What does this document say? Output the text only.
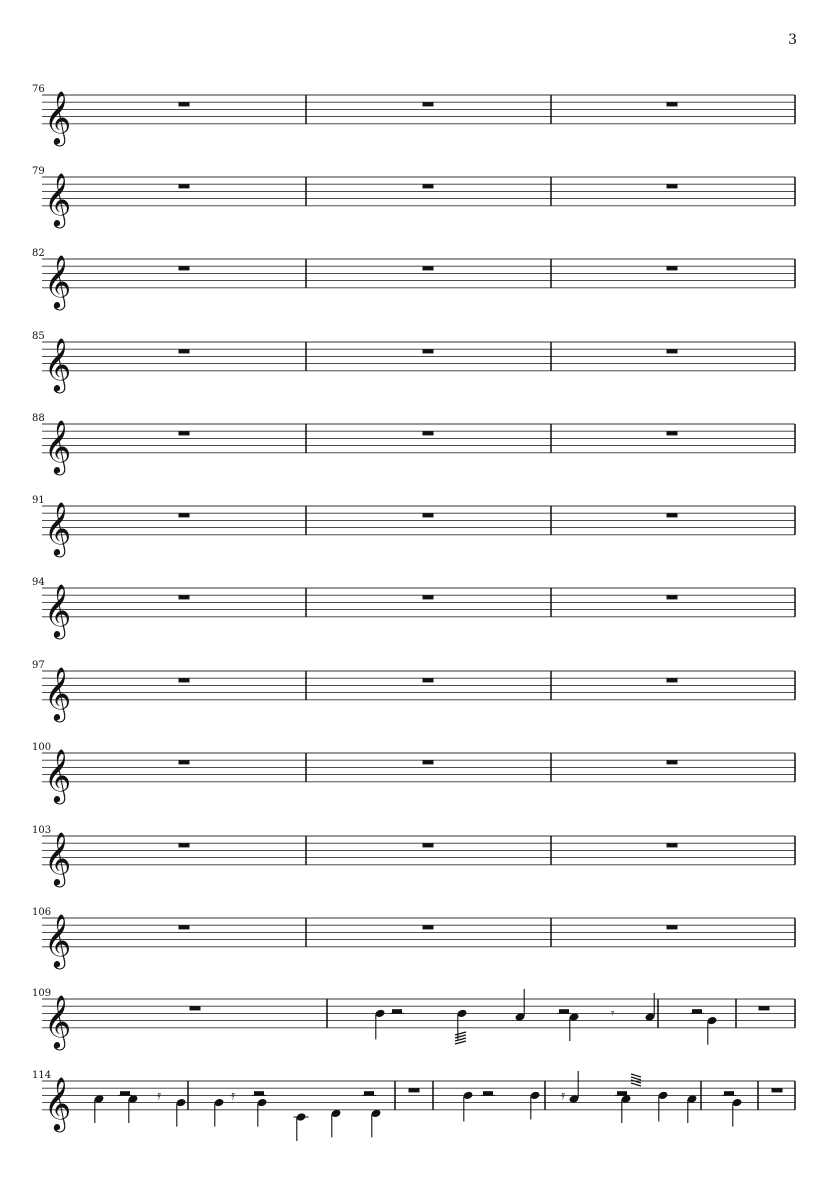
3
𝄞
76
𝄞
79
𝄞
82
𝄞
85
𝄞
88
𝄞
91
𝄞
94
𝄞
97
𝄞
100
𝄞
103
𝄞
106
𝄞
109
𝄞
114
𝄾
𝄿	𝄿	𝄿
